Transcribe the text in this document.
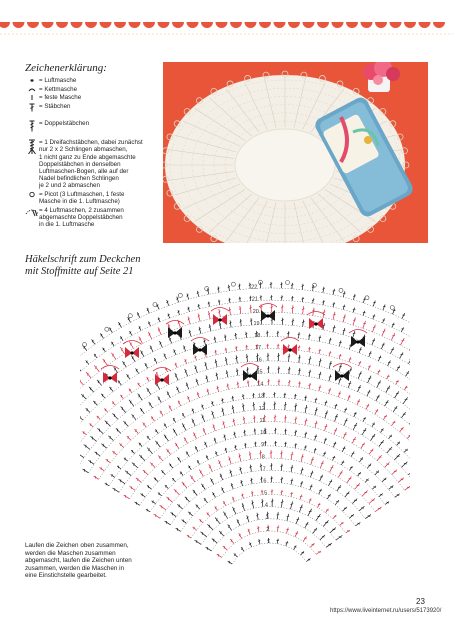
Zeichenerklärung:
= Luftmasche
= Kettmasche
= feste Masche
= Stäbchen
= Doppelstäbchen
= 1 Dreifachstäbchen, dabei zunächst
nur 2 x 2 Schlingen abmaschen,
1 nicht ganz zu Ende abgemaschte
Doppelstäbchen in denselben
Luftmaschen-Bogen, alle auf der
Nadel befindlichen Schlingen
je 2 und 2 abmaschen
= Picot (3 Luftmaschen, 1 feste
Masche in die 1. Luftmasche)
= 4 Luftmaschen, 2 zusammen
abgemaschte Doppelstäbchen
in die 1. Luftmasche
Häkelschrift zum Deckchen
mit Stoffmitte auf Seite 21
22
21
20
19
18
17
16
15
14
13
12
11
10
9
8
7
6
5
4
3
2
1
Laufen die Zeichen oben zusammen,
werden die Maschen zusammen
abgemascht, laufen die Zeichen unten
zusammen, werden die Maschen in
eine Einstichstelle gearbeitet.
23
https://www.liveinternet.ru/users/5173920/
